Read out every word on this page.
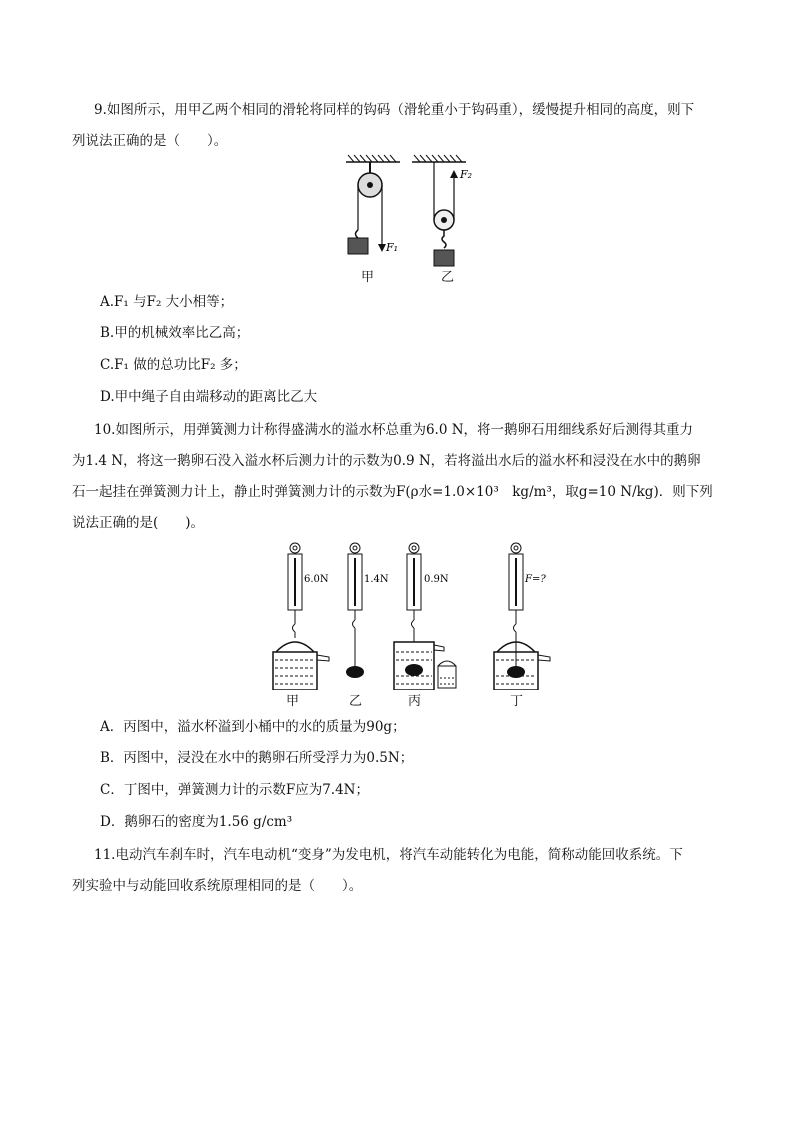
9.如图所示，用甲乙两个相同的滑轮将同样的钩码（滑轮重小于钩码重），缓慢提升相同的高度，则下
列说法正确的是（　　）。
F₁
F₂
甲	乙
A.F₁ 与F₂ 大小相等；
B.甲的机械效率比乙高；
C.F₁ 做的总功比F₂ 多；
D.甲中绳子自由端移动的距离比乙大
10.如图所示，用弹簧测力计称得盛满水的溢水杯总重为6.0 N，将一鹅卵石用细线系好后测得其重力
为1.4 N，将这一鹅卵石没入溢水杯后测力计的示数为0.9 N，若将溢出水后的溢水杯和浸没在水中的鹅卵
石一起挂在弹簧测力计上，静止时弹簧测力计的示数为F(ρ水=1.0×10³　kg/m³，取g=10 N/kg)．则下列
说法正确的是(　　)。
6.0N	1.4N	0.9N	F=?
甲	乙	丙	丁
A．丙图中，溢水杯溢到小桶中的水的质量为90g；
B．丙图中，浸没在水中的鹅卵石所受浮力为0.5N；
C．丁图中，弹簧测力计的示数F应为7.4N；
D．鹅卵石的密度为1.56 g/cm³
11.电动汽车刹车时，汽车电动机“变身”为发电机，将汽车动能转化为电能，简称动能回收系统。下
列实验中与动能回收系统原理相同的是（　　）。
